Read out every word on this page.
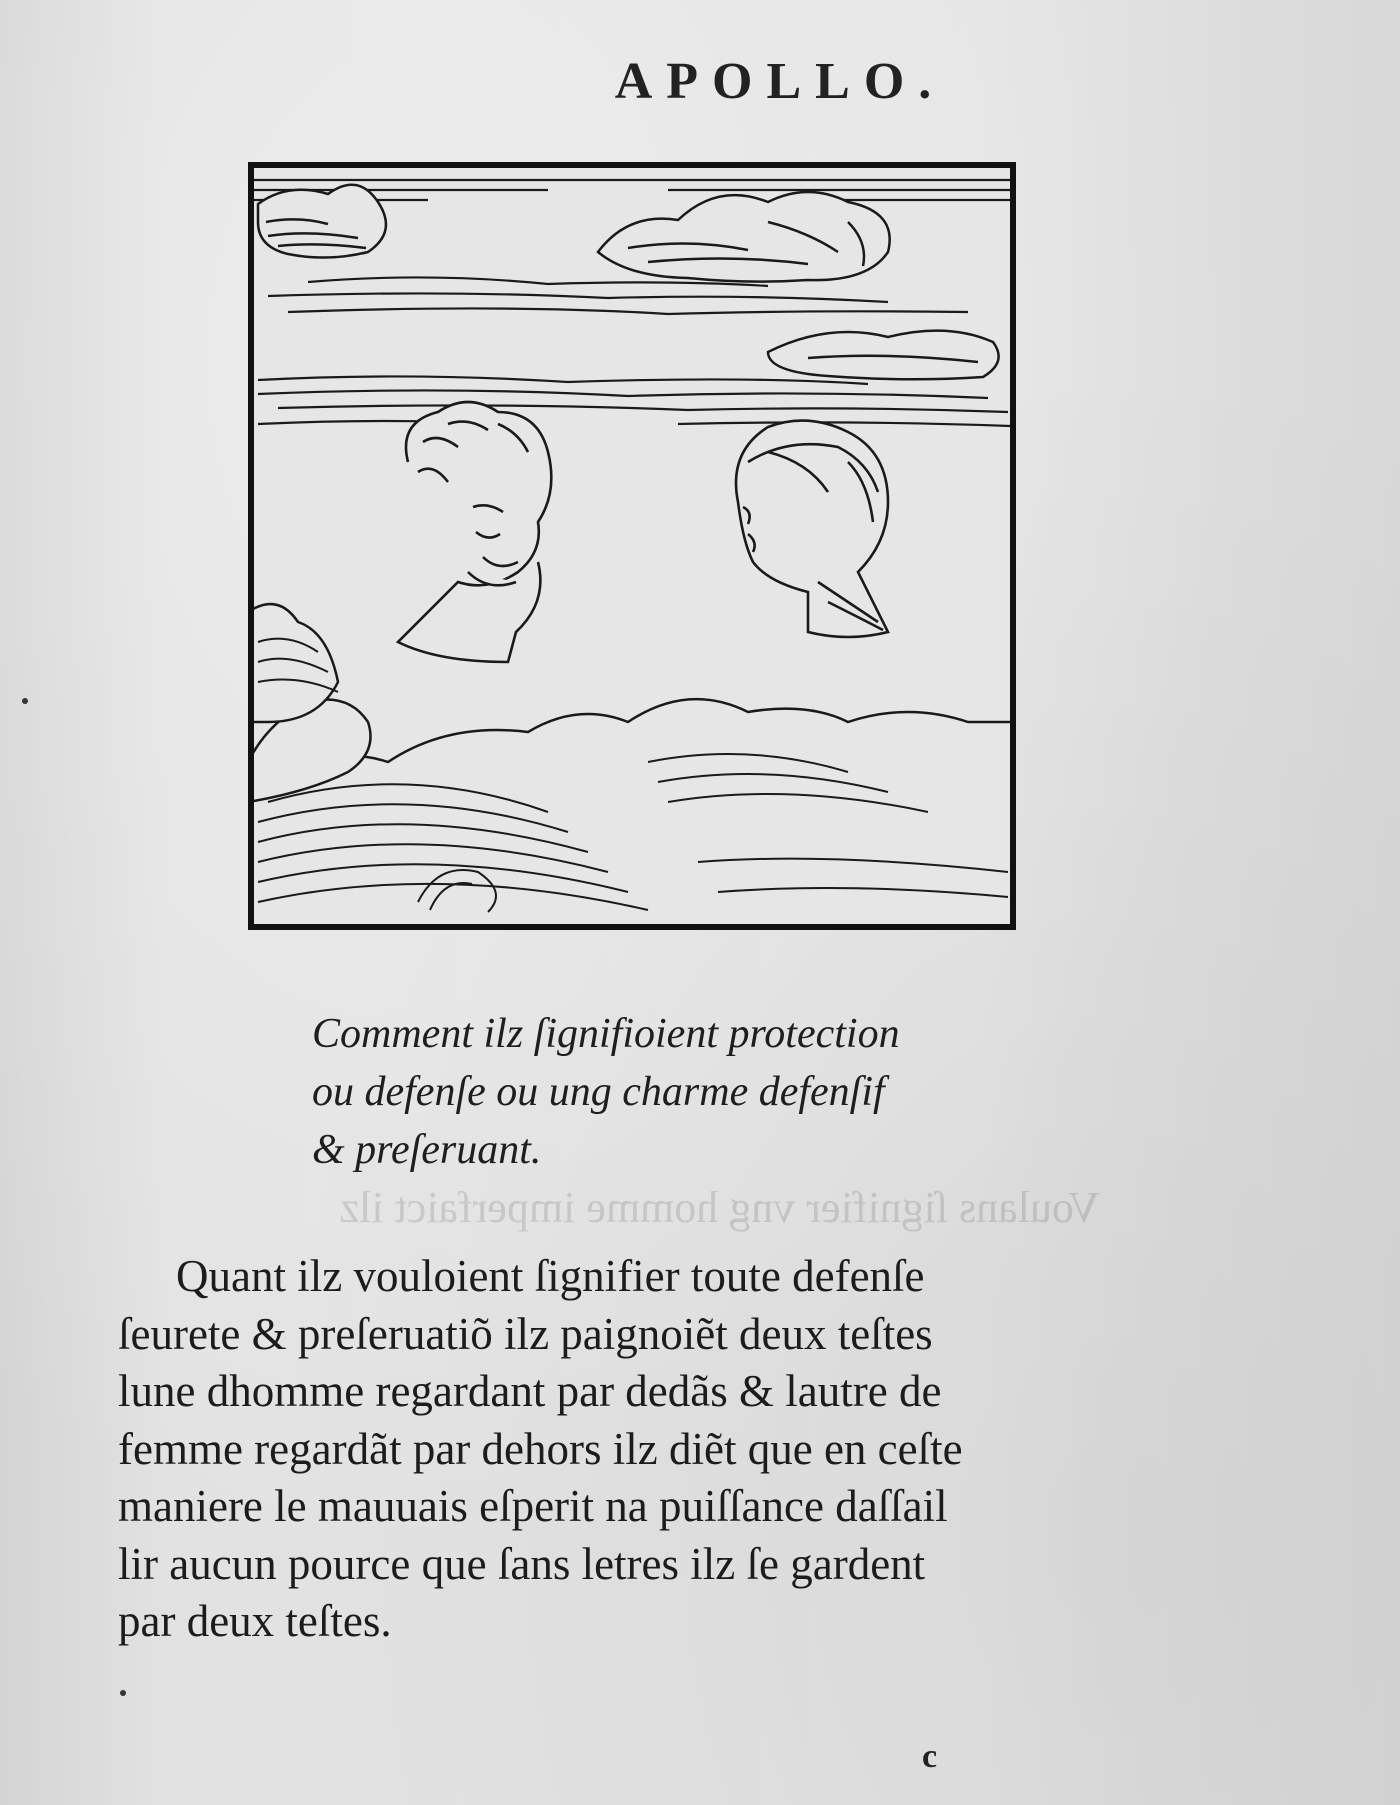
Voulans ſignifier vng homme imperfaict ilz
APOLLO.
Comment ilz ſignifioient protection
ou defenſe ou ung charme defenſif
& preſeruant.
Quant ilz vouloient ſignifier toute defenſe
ſeurete & preſeruatiõ ilz paignoiẽt deux teſtes
lune dhomme regardant par dedãs & lautre de
femme regardãt par dehors ilz diẽt que en ceſte
maniere le mauuais eſperit na puiſſance daſſail
lir aucun pource que ſans letres ilz ſe gardent
par deux teſtes.
c
